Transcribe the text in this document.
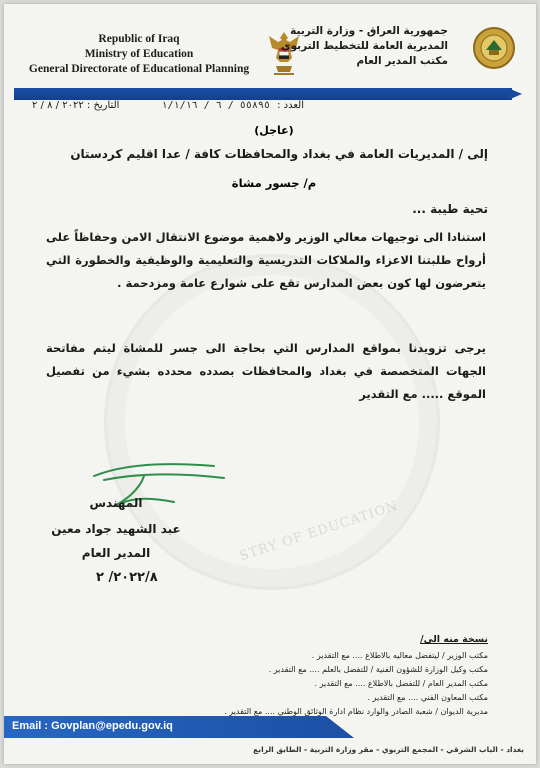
STRY OF EDUCATION
Republic of Iraq
Ministry of Education
General Directorate of Educational Planning
جمهورية العراق - وزارة التربية
المديرية العامة للتخطيط التربوي
مكتب المدير العام
العدد : ٥٥٨٩٥ / ٦ / ١/١/١٦
التاريخ : ٢٠٢٢ / ٨ / ٢
(عاجل)
إلى / المديريات العامة في بغداد والمحافظات كافة / عدا اقليم كردستان
م/ جسور مشاة
تحية طيبة ...
استنادا الى توجيهات معالي الوزير ولاهمية موضوع الانتقال الامن وحفاظاً على أرواح طلبتنا الاعزاء والملاكات التدريسية والتعليمية والوظيفية والخطورة التي يتعرضون لها كون بعض المدارس تقع على شوارع عامة ومزدحمة .
يرجى تزويدنا بمواقع المدارس التي بحاجة الى جسر للمشاة ليتم مفاتحة الجهات المتخصصة في بغداد والمحافظات بصدده محدده بشيء من تفصيل الموقع ..... مع التقدير
المهندس
عبد الشهيد جواد معين
المدير العام
٢٠٢٢/٨/ ٢
نسخة منه الى/
مكتب الوزير / ليتفضل معاليه بالاطلاع .... مع التقدير .
مكتب وكيل الوزارة للشؤون الفنية / للتفضل بالعلم .... مع التقدير .
مكتب المدير العام / للتفضل بالاطلاع .... مع التقدير .
مكتب المعاون الفني .... مع التقدير .
مديرية الديوان / شعبة الصادر والوارد نظام ادارة الوثائق الوطني .... مع التقدير .
Email : Govplan@epedu.gov.iq
بغداد - الباب الشرقي - المجمع التربوي - مقر وزارة التربية - الطابق الرابع
